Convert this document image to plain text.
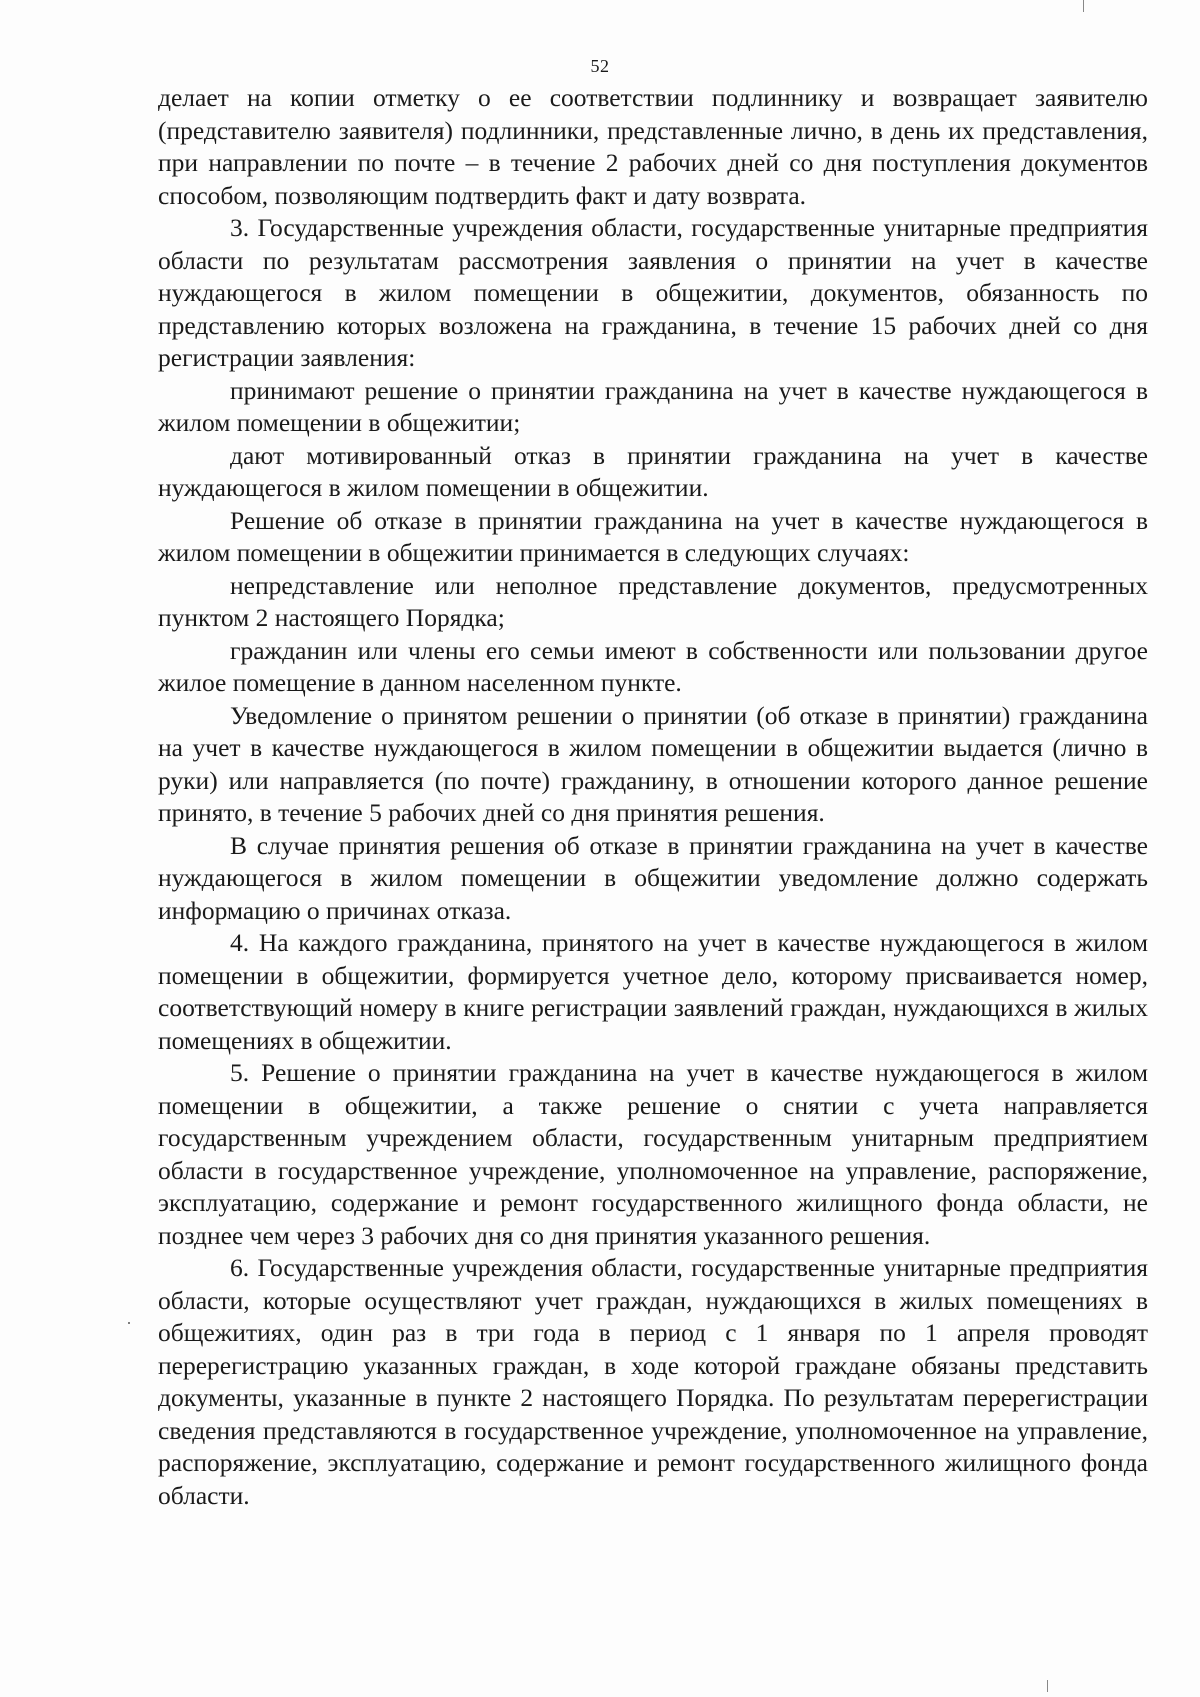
52

делает на копии отметку о ее соответствии подлиннику и возвращает заявителю (представителю заявителя) подлинники, представленные лично, в день их представления, при направлении по почте – в течение 2 рабочих дней со дня поступления документов способом, позволяющим подтвердить факт и дату возврата.

3. Государственные учреждения области, государственные унитарные предприятия области по результатам рассмотрения заявления о принятии на учет в качестве нуждающегося в жилом помещении в общежитии, документов, обязанность по представлению которых возложена на гражданина, в течение 15 рабочих дней со дня регистрации заявления:

принимают решение о принятии гражданина на учет в качестве нуждающегося в жилом помещении в общежитии;

дают мотивированный отказ в принятии гражданина на учет в качестве нуждающегося в жилом помещении в общежитии.

Решение об отказе в принятии гражданина на учет в качестве нуждающегося в жилом помещении в общежитии принимается в следующих случаях:

непредставление или неполное представление документов, предусмотренных пунктом 2 настоящего Порядка;

гражданин или члены его семьи имеют в собственности или пользовании другое жилое помещение в данном населенном пункте.

Уведомление о принятом решении о принятии (об отказе в принятии) гражданина на учет в качестве нуждающегося в жилом помещении в общежитии выдается (лично в руки) или направляется (по почте) гражданину, в отношении которого данное решение принято, в течение 5 рабочих дней со дня принятия решения.

В случае принятия решения об отказе в принятии гражданина на учет в качестве нуждающегося в жилом помещении в общежитии уведомление должно содержать информацию о причинах отказа.

4. На каждого гражданина, принятого на учет в качестве нуждающегося в жилом помещении в общежитии, формируется учетное дело, которому присваивается номер, соответствующий номеру в книге регистрации заявлений граждан, нуждающихся в жилых помещениях в общежитии.

5. Решение о принятии гражданина на учет в качестве нуждающегося в жилом помещении в общежитии, а также решение о снятии с учета направляется государственным учреждением области, государственным унитарным предприятием области в государственное учреждение, уполномоченное на управление, распоряжение, эксплуатацию, содержание и ремонт государственного жилищного фонда области, не позднее чем через 3 рабочих дня со дня принятия указанного решения.

6. Государственные учреждения области, государственные унитарные предприятия области, которые осуществляют учет граждан, нуждающихся в жилых помещениях в общежитиях, один раз в три года в период с 1 января по 1 апреля проводят перерегистрацию указанных граждан, в ходе которой граждане обязаны представить документы, указанные в пункте 2 настоящего Порядка. По результатам перерегистрации сведения представляются в государственное учреждение, уполномоченное на управление, распоряжение, эксплуатацию, содержание и ремонт государственного жилищного фонда области.
